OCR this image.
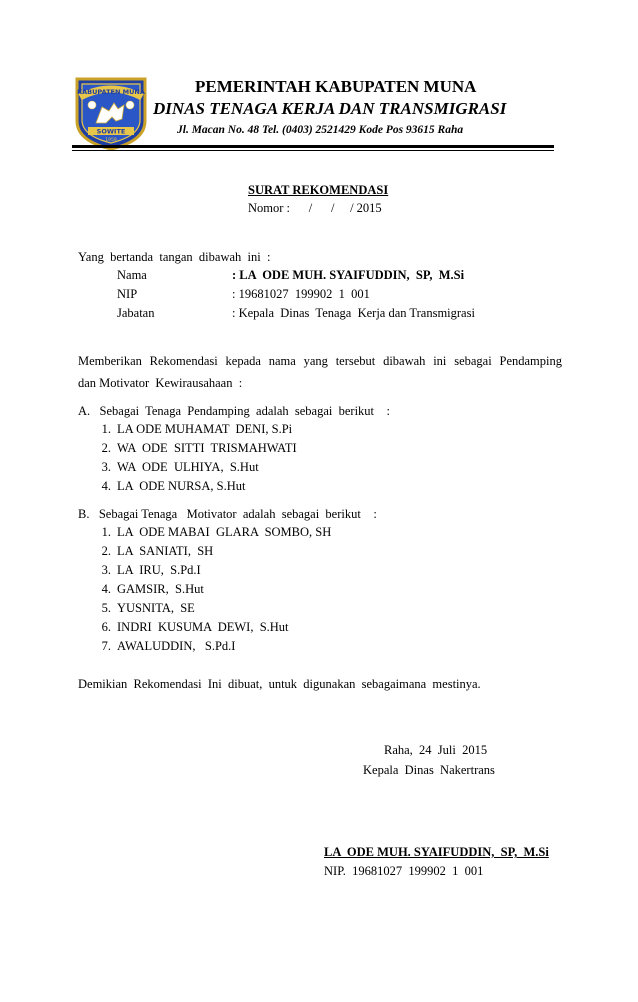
KABUPATEN MUNA
SOWITE
1959
PEMERINTAH KABUPATEN MUNA
DINAS TENAGA KERJA DAN TRANSMIGRASI
Jl. Macan No. 48 Tel. (0403) 2521429 Kode Pos 93615 Raha
SURAT REKOMENDASI
Nomor :      /      /     / 2015
Yang  bertanda  tangan  dibawah  ini  :
Nama	: LA  ODE MUH. SYAIFUDDIN,  SP,  M.Si
NIP	: 19681027  199902  1  001
Jabatan	: Kepala  Dinas  Tenaga  Kerja dan Transmigrasi
Memberikan  Rekomendasi  kepada  nama  yang  tersebut  dibawah  ini  sebagai  Pendamping  dan Motivator  Kewirausahaan  :
A.   Sebagai  Tenaga  Pendamping  adalah  sebagai  berikut    :
1. LA ODE MUHAMAT  DENI, S.Pi
2. WA  ODE  SITTI  TRISMAHWATI
3. WA  ODE  ULHIYA,  S.Hut
4. LA  ODE NURSA, S.Hut
B.   Sebagai Tenaga   Motivator  adalah  sebagai  berikut    :
1. LA  ODE MABAI  GLARA  SOMBO, SH
2. LA  SANIATI,  SH
3. LA  IRU,  S.Pd.I
4. GAMSIR,  S.Hut
5. YUSNITA,  SE
6. INDRI  KUSUMA  DEWI,  S.Hut
7. AWALUDDIN,   S.Pd.I
Demikian  Rekomendasi  Ini  dibuat,  untuk  digunakan  sebagaimana  mestinya.
Raha,  24  Juli  2015
Kepala  Dinas  Nakertrans
LA  ODE MUH. SYAIFUDDIN,  SP,  M.Si
NIP.  19681027  199902  1  001
